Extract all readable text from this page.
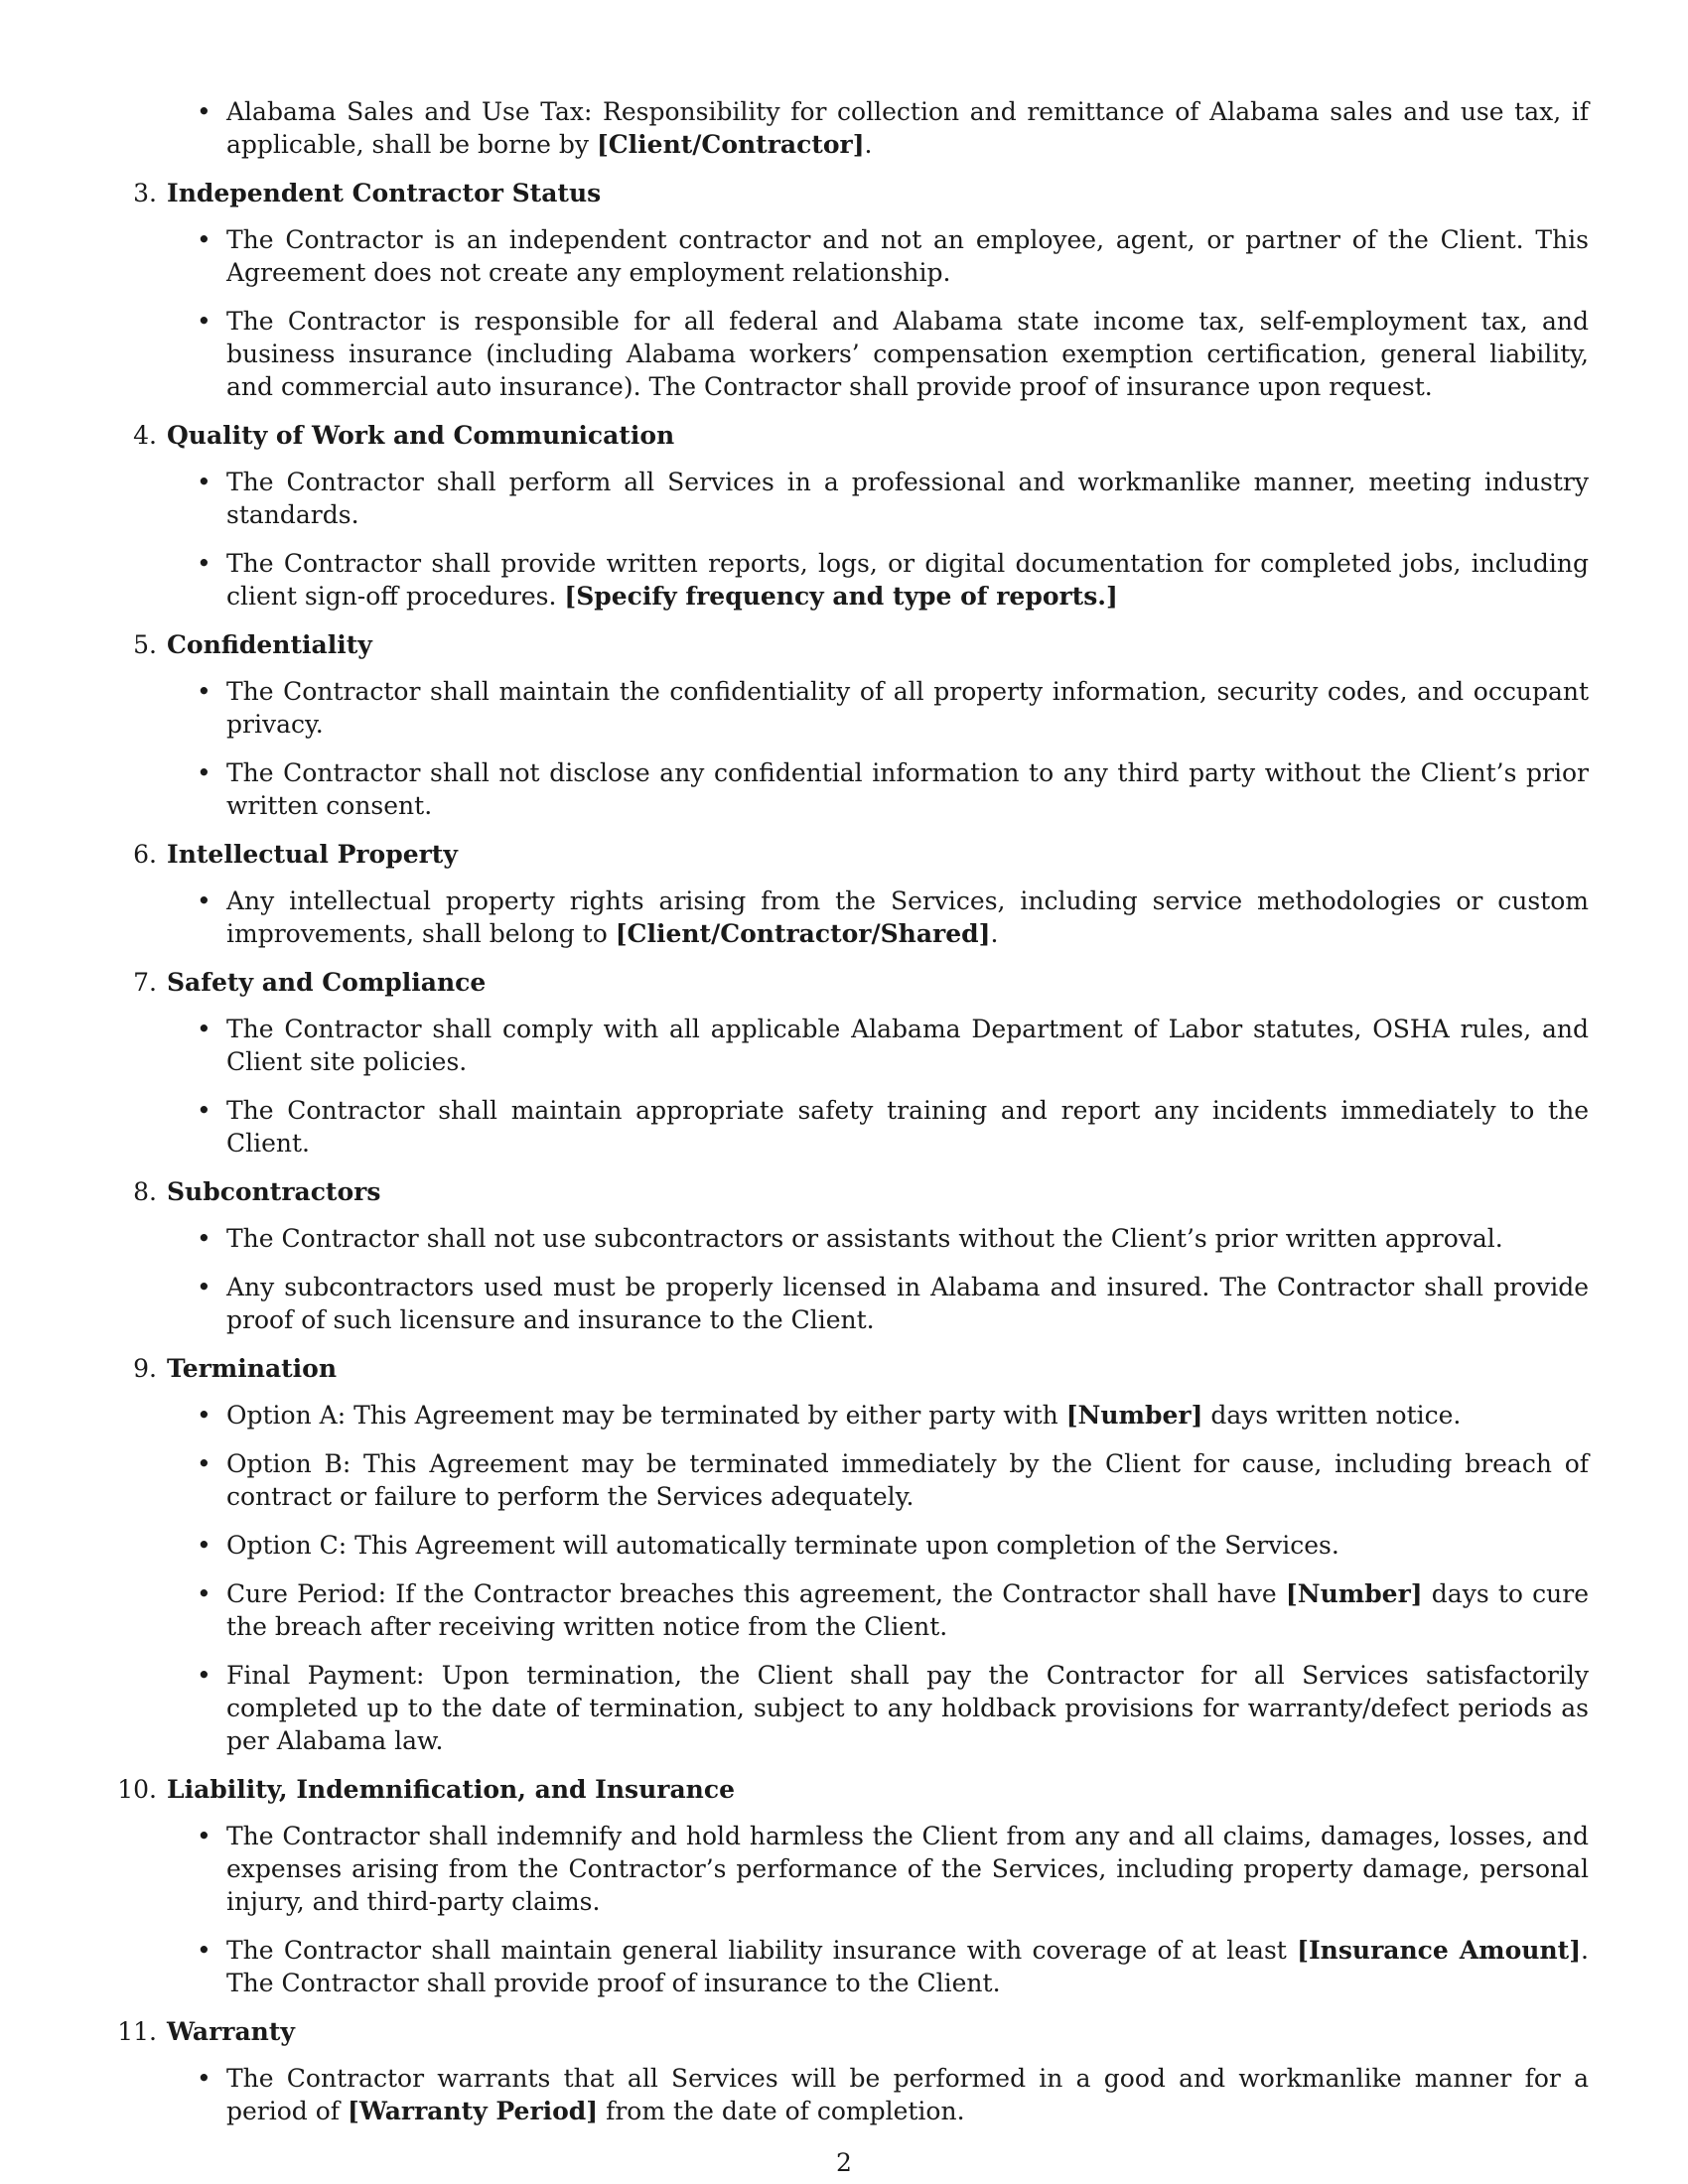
• Alabama Sales and Use Tax: Responsibility for collection and remittance of Alabama sales and use tax, if applicable, shall be borne by [Client/Contractor].
3. Independent Contractor Status
• The Contractor is an independent contractor and not an employee, agent, or partner of the Client. This Agreement does not create any employment relationship.
• The Contractor is responsible for all federal and Alabama state income tax, self-employment tax, and business insurance (including Alabama workers’ compensation exemption certification, general liability, and commercial auto insurance). The Contractor shall provide proof of insurance upon request.
4. Quality of Work and Communication
• The Contractor shall perform all Services in a professional and workmanlike manner, meeting industry standards.
• The Contractor shall provide written reports, logs, or digital documentation for completed jobs, including client sign-off procedures. [Specify frequency and type of reports.]
5. Confidentiality
• The Contractor shall maintain the confidentiality of all property information, security codes, and occupant privacy.
• The Contractor shall not disclose any confidential information to any third party without the Client’s prior written consent.
6. Intellectual Property
• Any intellectual property rights arising from the Services, including service methodologies or custom improvements, shall belong to [Client/Contractor/Shared].
7. Safety and Compliance
• The Contractor shall comply with all applicable Alabama Department of Labor statutes, OSHA rules, and Client site policies.
• The Contractor shall maintain appropriate safety training and report any incidents immediately to the Client.
8. Subcontractors
• The Contractor shall not use subcontractors or assistants without the Client’s prior written approval.
• Any subcontractors used must be properly licensed in Alabama and insured. The Contractor shall provide proof of such licensure and insurance to the Client.
9. Termination
• Option A: This Agreement may be terminated by either party with [Number] days written notice.
• Option B: This Agreement may be terminated immediately by the Client for cause, including breach of contract or failure to perform the Services adequately.
• Option C: This Agreement will automatically terminate upon completion of the Services.
• Cure Period: If the Contractor breaches this agreement, the Contractor shall have [Number] days to cure the breach after receiving written notice from the Client.
• Final Payment: Upon termination, the Client shall pay the Contractor for all Services satisfactorily completed up to the date of termination, subject to any holdback provisions for warranty/defect periods as per Alabama law.
10. Liability, Indemnification, and Insurance
• The Contractor shall indemnify and hold harmless the Client from any and all claims, damages, losses, and expenses arising from the Contractor’s performance of the Services, including property damage, personal injury, and third-party claims.
• The Contractor shall maintain general liability insurance with coverage of at least [Insurance Amount]. The Contractor shall provide proof of insurance to the Client.
11. Warranty
• The Contractor warrants that all Services will be performed in a good and workmanlike manner for a period of [Warranty Period] from the date of completion.
2
